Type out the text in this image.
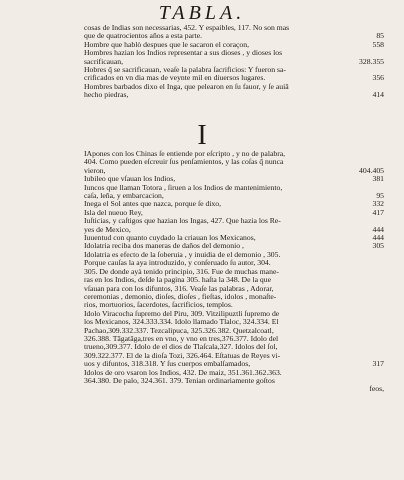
TABLA.

cosas de Indias son necessarias, 452. Y espaibles, 117. No son mas

que de quatrocientos años a esta parte.	85

Hombre que hablò despues que le sacaron el coraçon,	558

Hombres hazian los Indios representar a sus dioses , y dioses los

sacrificauan,	328.355

Hobres q̃ se sacrificauan, veaſe la palabra ſacrificios: Y fueron sa-

crificados en vn dia mas de veynte mil en diuersos lugares.	356

Hombres barbados dixo el Inga, que pelearon en ſu fauor, y ſe auiã

hecho piedras,	414

I

IApones con los Chinas ſe entiende por eſcripto , y no de palabra,

404. Como pueden eſcreuir ſus penſamientos, y las coſas q̃ nunca

vieron,	404.405

Iubileo que vſauan los Indios,	381

Iuncos que llaman Totora , ſiruen a los Indios de mantenimiento,

caſa, leña, y embarcacion,	95

Inega el Sol antes que nazca, porque ſe dixo,	332

Isla del nueuo Rey,	417

Iuſticias, y caſtigos que hazian los Ingas, 427. Que hazia los Re-

yes de Mexico,	444

Iuuentud con quanto cuydado la criauan los Mexicanos,	444

Idolatria reciba dos maneras de daños del demonio ,	305

Idolatria es efecto de la ſoberuia , y inuidia de el demonio , 305.

Porque cauſas la aya introduzido, y conſeruado ſu autor, 304.

305. De donde ayà tenido principio, 316. Fue de muchas mane-

ras en los Indios, deſde la pagina 305. haſta la 348. De la que

vſauan para con los difuntos, 316. Veaſe las palabras , Adorar,

ceremonias , demonio, dioſes, dioſes , fieſtas, idolos , monaſte-

rios, mortuorios, ſacerdotes, ſacrificios, templos.

Idolo Viracocha ſupremo del Piru, 309. Vitzilipuztli ſupremo de

los Mexicanos, 324.333.334. Idolo llamado Tlaloc, 324.334. El

Pachao,309.332.337. Tezcalipuca, 325.326.382. Quetzalcoatl,

326.388. Tāgatāga,tres en vno, y vno en tres,376.377. Idolo del

trueno,309.377. Idolo de el dios de Tlaſcala,327. Idolos del ſol,

309.322.377. El de la dioſa Tozi, 326.464. Eſtatuas de Reyes vi-

uos y difuntos, 318.318. Y ſus cuerpos embalſamados,	317

Idolos de oro vsaron los Indios, 432. De maiz, 351.361.362.363.

364.380. De palo, 324.361. 379. Tenian ordinariamente goſtos

feos,
